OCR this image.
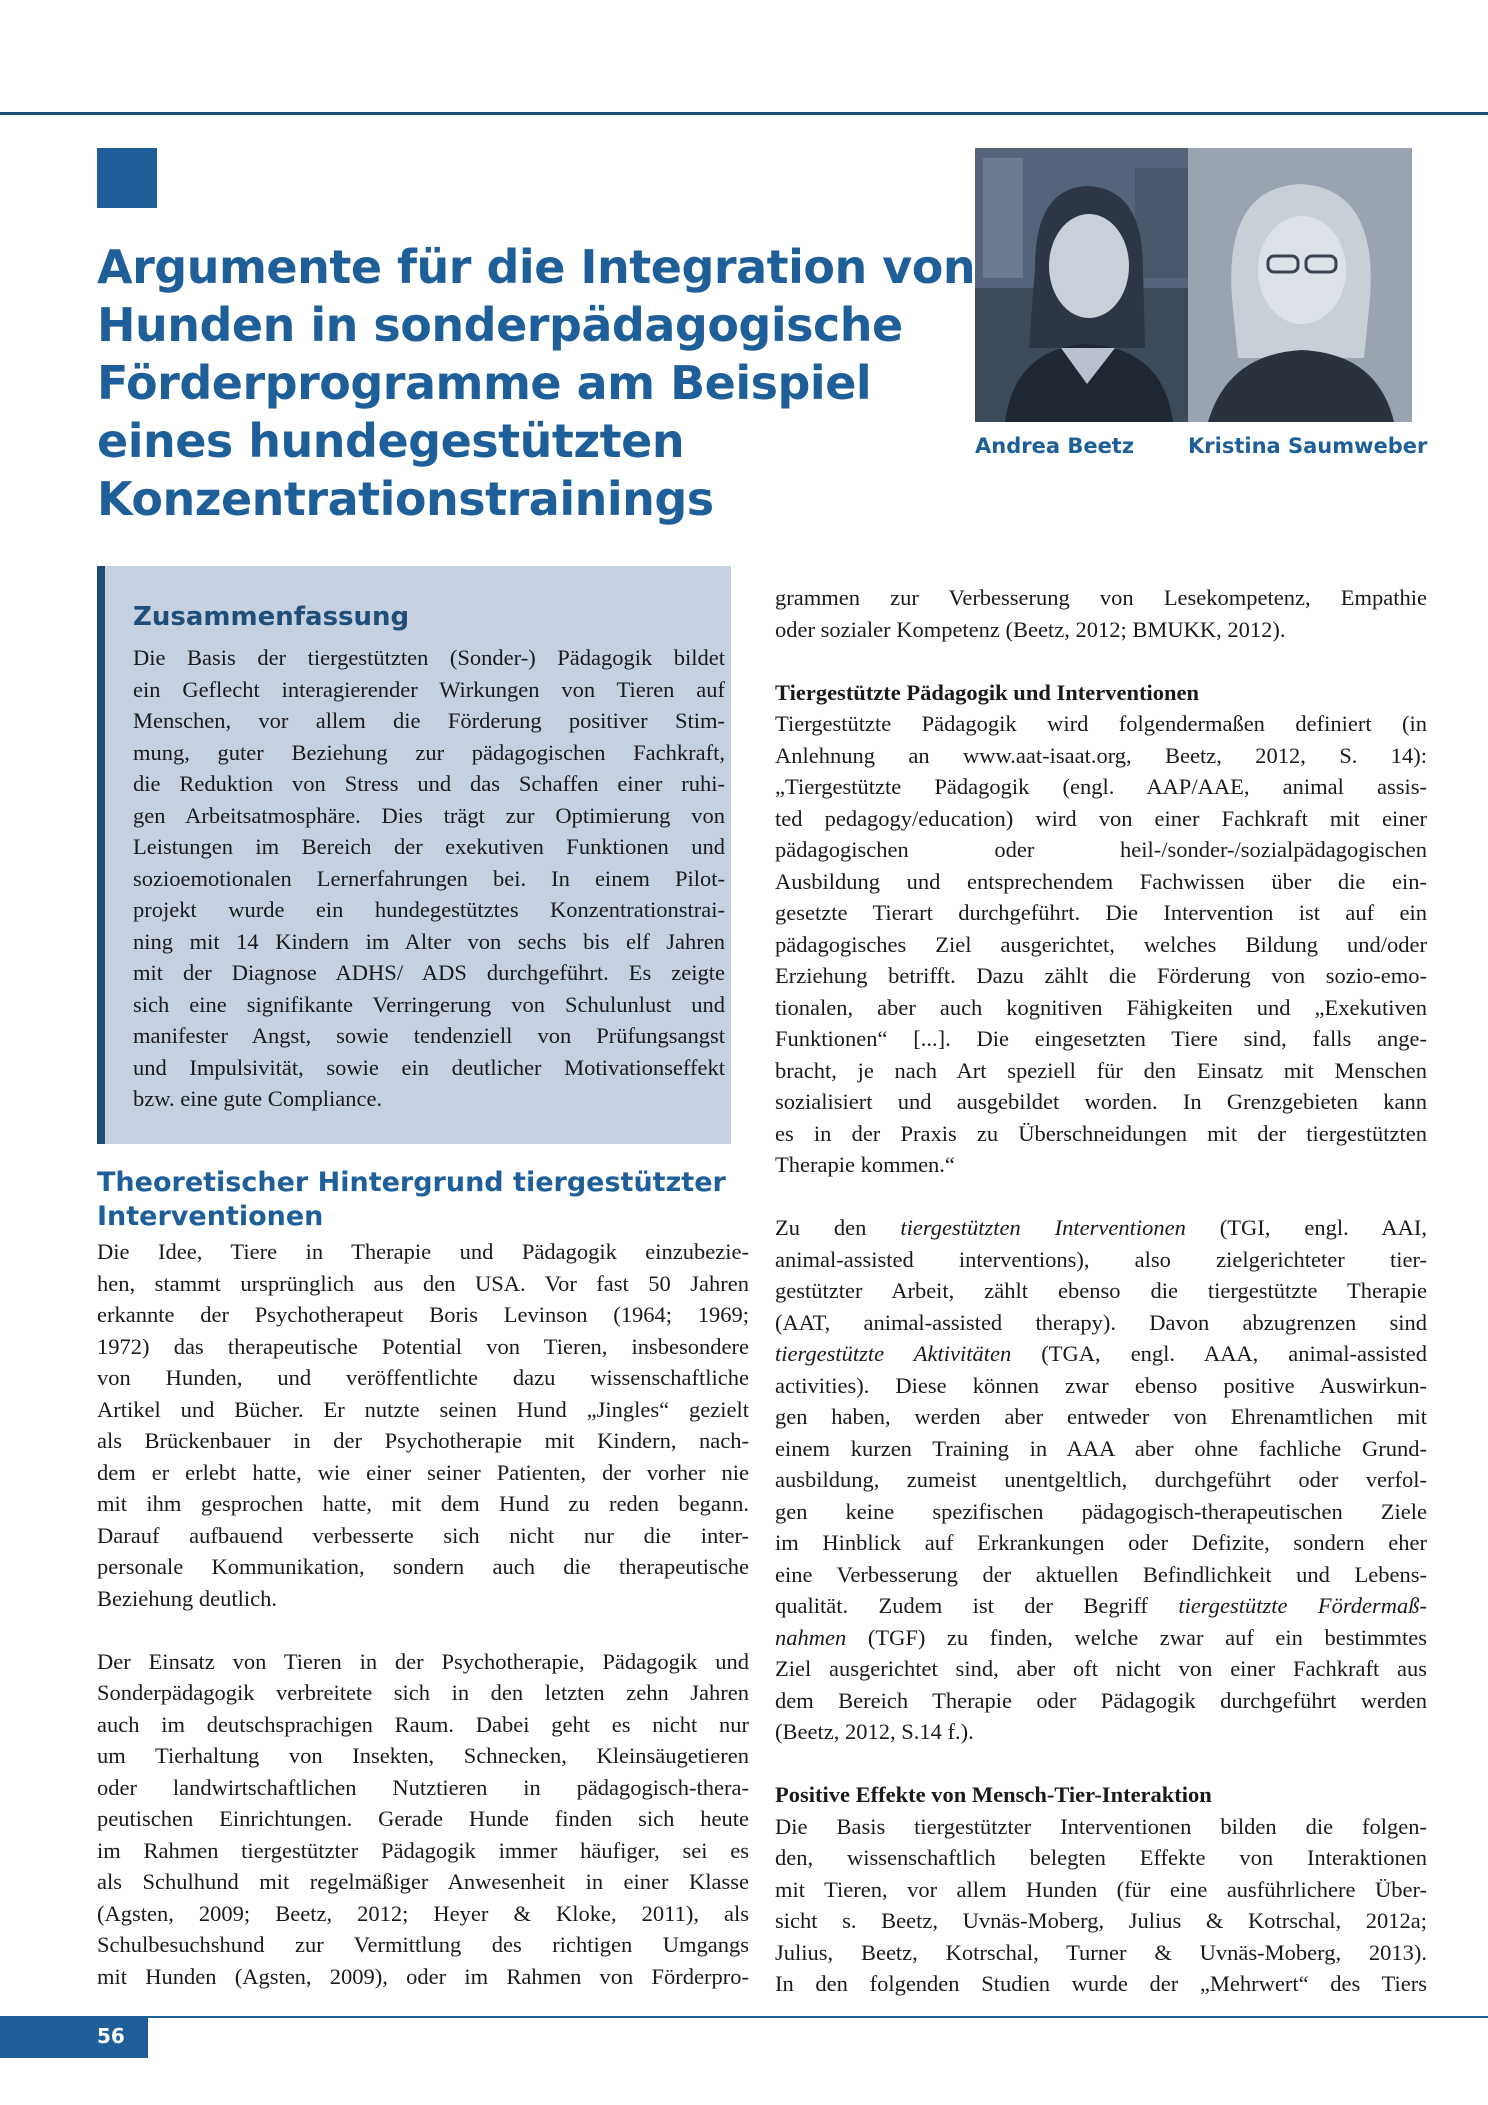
Argumente für die Integration von
Hunden in sonderpädagogische
Förderprogramme am Beispiel
eines hundegestützten
Konzentrationstrainings
Andrea Beetz	Kristina Saumweber
Zusammenfassung
Die Basis der tiergestützten (Sonder-) Pädagogik bildet
ein Geflecht interagierender Wirkungen von Tieren auf
Menschen, vor allem die Förderung positiver Stim-
mung, guter Beziehung zur pädagogischen Fachkraft,
die Reduktion von Stress und das Schaffen einer ruhi-
gen Arbeitsatmosphäre. Dies trägt zur Optimierung von
Leistungen im Bereich der exekutiven Funktionen und
sozioemotionalen Lernerfahrungen bei. In einem Pilot-
projekt wurde ein hundegestütztes Konzentrationstrai-
ning mit 14 Kindern im Alter von sechs bis elf Jahren
mit der Diagnose ADHS/ ADS durchgeführt. Es zeigte
sich eine signifikante Verringerung von Schulunlust und
manifester Angst, sowie tendenziell von Prüfungsangst
und Impulsivität, sowie ein deutlicher Motivationseffekt
bzw. eine gute Compliance.
Theoretischer Hintergrund tiergestützter
Interventionen
Die Idee, Tiere in Therapie und Pädagogik einzubezie-
hen, stammt ursprünglich aus den USA. Vor fast 50 Jahren
erkannte der Psychotherapeut Boris Levinson (1964; 1969;
1972) das therapeutische Potential von Tieren, insbesondere
von Hunden, und veröffentlichte dazu wissenschaftliche
Artikel und Bücher. Er nutzte seinen Hund „Jingles“ gezielt
als Brückenbauer in der Psychotherapie mit Kindern, nach-
dem er erlebt hatte, wie einer seiner Patienten, der vorher nie
mit ihm gesprochen hatte, mit dem Hund zu reden begann.
Darauf aufbauend verbesserte sich nicht nur die inter-
personale Kommunikation, sondern auch die therapeutische
Beziehung deutlich.
Der Einsatz von Tieren in der Psychotherapie, Pädagogik und
Sonderpädagogik verbreitete sich in den letzten zehn Jahren
auch im deutschsprachigen Raum. Dabei geht es nicht nur
um Tierhaltung von Insekten, Schnecken, Kleinsäugetieren
oder landwirtschaftlichen Nutztieren in pädagogisch-thera-
peutischen Einrichtungen. Gerade Hunde finden sich heute
im Rahmen tiergestützter Pädagogik immer häufiger, sei es
als Schulhund mit regelmäßiger Anwesenheit in einer Klasse
(Agsten, 2009; Beetz, 2012; Heyer & Kloke, 2011), als
Schulbesuchshund zur Vermittlung des richtigen Umgangs
mit Hunden (Agsten, 2009), oder im Rahmen von Förderpro-
grammen zur Verbesserung von Lesekompetenz, Empathie
oder sozialer Kompetenz (Beetz, 2012; BMUKK, 2012).
Tiergestützte Pädagogik und Interventionen
Tiergestützte Pädagogik wird folgendermaßen definiert (in
Anlehnung an www.aat-isaat.org, Beetz, 2012, S. 14):
„Tiergestützte Pädagogik (engl. AAP/AAE, animal assis-
ted pedagogy/education) wird von einer Fachkraft mit einer
pädagogischen oder heil-/sonder-/sozialpädagogischen
Ausbildung und entsprechendem Fachwissen über die ein-
gesetzte Tierart durchgeführt. Die Intervention ist auf ein
pädagogisches Ziel ausgerichtet, welches Bildung und/oder
Erziehung betrifft. Dazu zählt die Förderung von sozio-emo-
tionalen, aber auch kognitiven Fähigkeiten und „Exekutiven
Funktionen“ [...]. Die eingesetzten Tiere sind, falls ange-
bracht, je nach Art speziell für den Einsatz mit Menschen
sozialisiert und ausgebildet worden. In Grenzgebieten kann
es in der Praxis zu Überschneidungen mit der tiergestützten
Therapie kommen.“
Zu den tiergestützten Interventionen (TGI, engl. AAI,
animal-assisted interventions), also zielgerichteter tier-
gestützter Arbeit, zählt ebenso die tiergestützte Therapie
(AAT, animal-assisted therapy). Davon abzugrenzen sind
tiergestützte Aktivitäten (TGA, engl. AAA, animal-assisted
activities). Diese können zwar ebenso positive Auswirkun-
gen haben, werden aber entweder von Ehrenamtlichen mit
einem kurzen Training in AAA aber ohne fachliche Grund-
ausbildung, zumeist unentgeltlich, durchgeführt oder verfol-
gen keine spezifischen pädagogisch-therapeutischen Ziele
im Hinblick auf Erkrankungen oder Defizite, sondern eher
eine Verbesserung der aktuellen Befindlichkeit und Lebens-
qualität. Zudem ist der Begriff tiergestützte Fördermaß-
nahmen (TGF) zu finden, welche zwar auf ein bestimmtes
Ziel ausgerichtet sind, aber oft nicht von einer Fachkraft aus
dem Bereich Therapie oder Pädagogik durchgeführt werden
(Beetz, 2012, S.14 f.).
Positive Effekte von Mensch-Tier-Interaktion
Die Basis tiergestützter Interventionen bilden die folgen-
den, wissenschaftlich belegten Effekte von Interaktionen
mit Tieren, vor allem Hunden (für eine ausführlichere Über-
sicht s. Beetz, Uvnäs-Moberg, Julius & Kotrschal, 2012a;
Julius, Beetz, Kotrschal, Turner & Uvnäs-Moberg, 2013).
In den folgenden Studien wurde der „Mehrwert“ des Tiers
56
